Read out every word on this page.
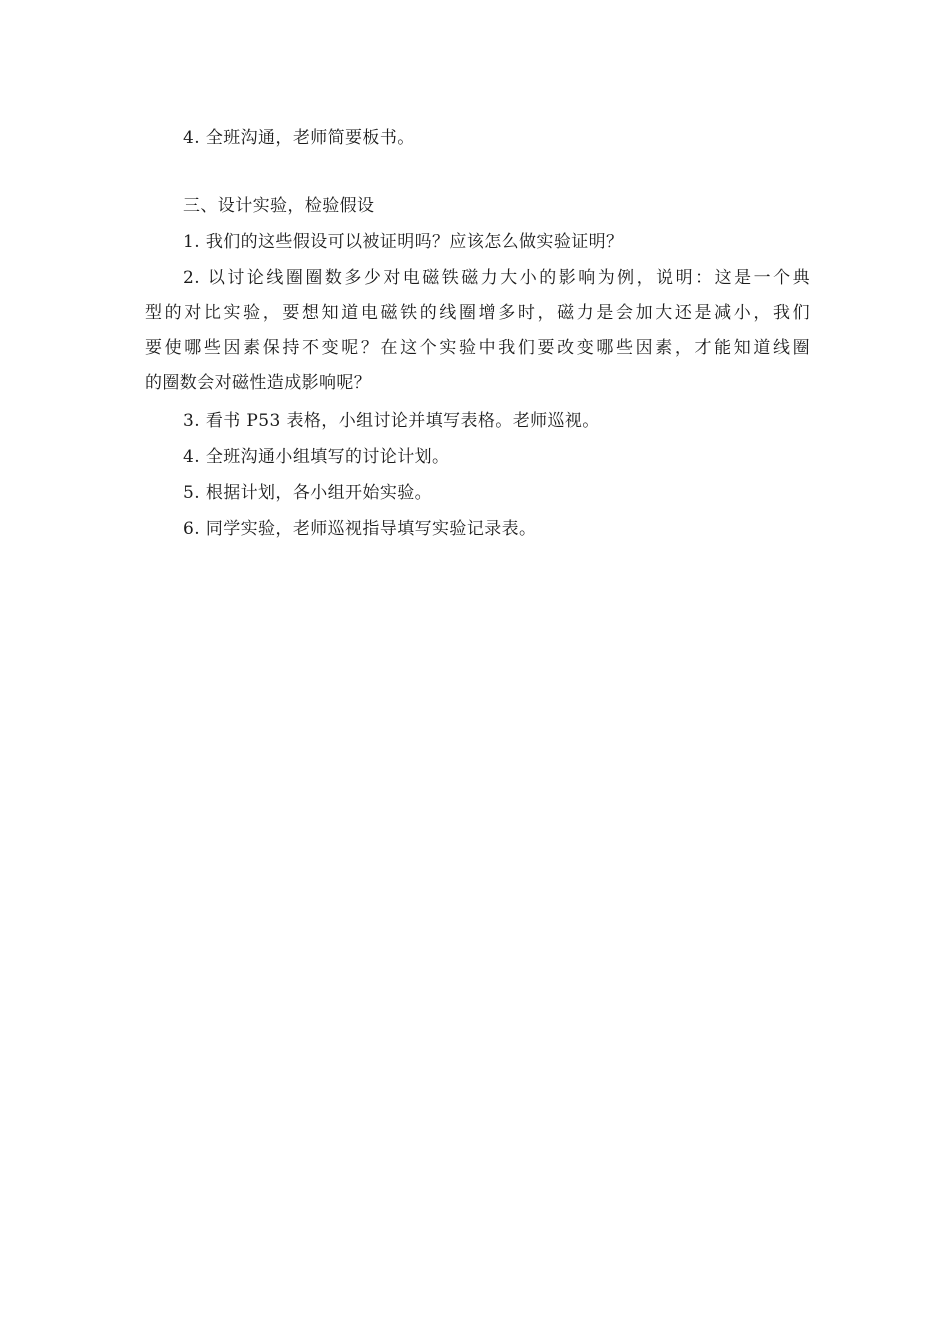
4. 全班沟通，老师简要板书。
三、设计实验，检验假设
1. 我们的这些假设可以被证明吗？应该怎么做实验证明？
2. 以讨论线圈圈数多少对电磁铁磁力大小的影响为例，说明：这是一个典
型的对比实验，要想知道电磁铁的线圈增多时，磁力是会加大还是减小，我们
要使哪些因素保持不变呢？在这个实验中我们要改变哪些因素，才能知道线圈
的圈数会对磁性造成影响呢？
3. 看书 P53 表格，小组讨论并填写表格。老师巡视。
4. 全班沟通小组填写的讨论计划。
5. 根据计划，各小组开始实验。
6. 同学实验，老师巡视指导填写实验记录表。
